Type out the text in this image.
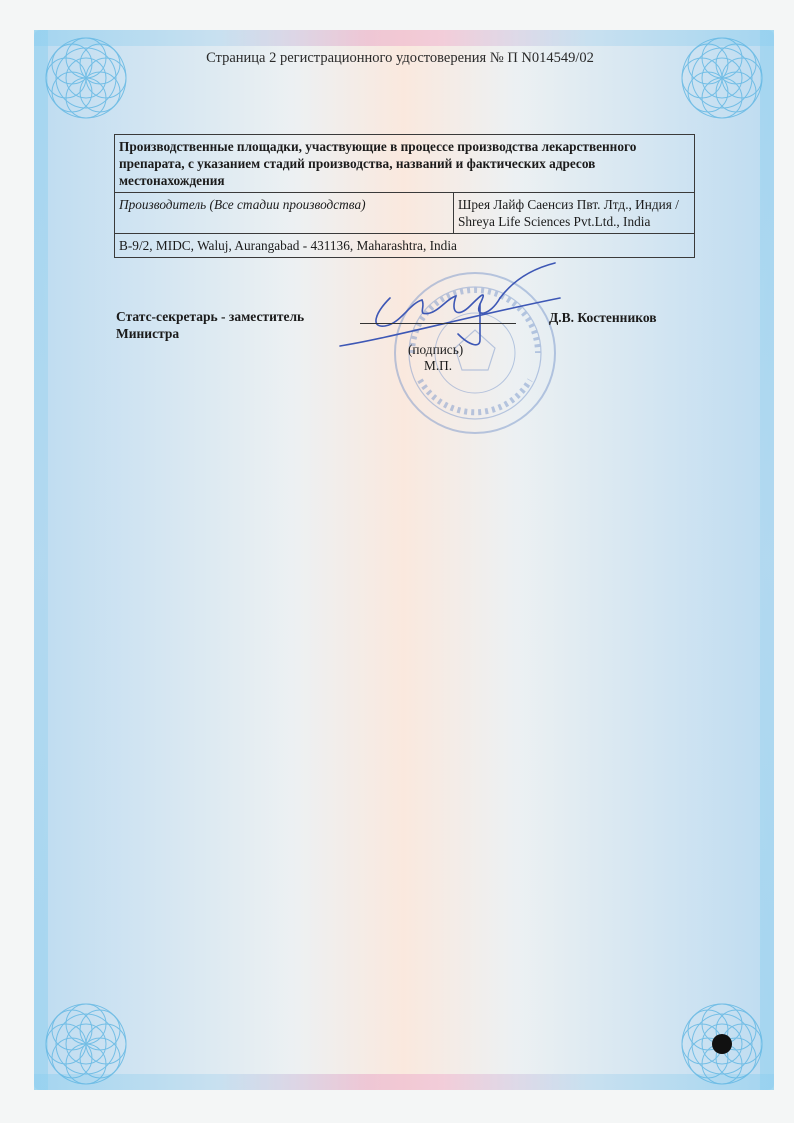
Страница 2 регистрационного удостоверения № П N014549/02
Производственные площадки, участвующие в процессе производства лекарственного препарата, с указанием стадий производства, названий и фактических адресов местонахождения
Производитель (Все стадии производства)	Шрея Лайф Саенсиз Пвт. Лтд., Индия / Shreya Life Sciences Pvt.Ltd., India
B-9/2, MIDC, Waluj, Aurangabad - 431136, Maharashtra, India
Статс-секретарь - заместитель Министра
Д.В. Костенников
(подпись)
М.П.
